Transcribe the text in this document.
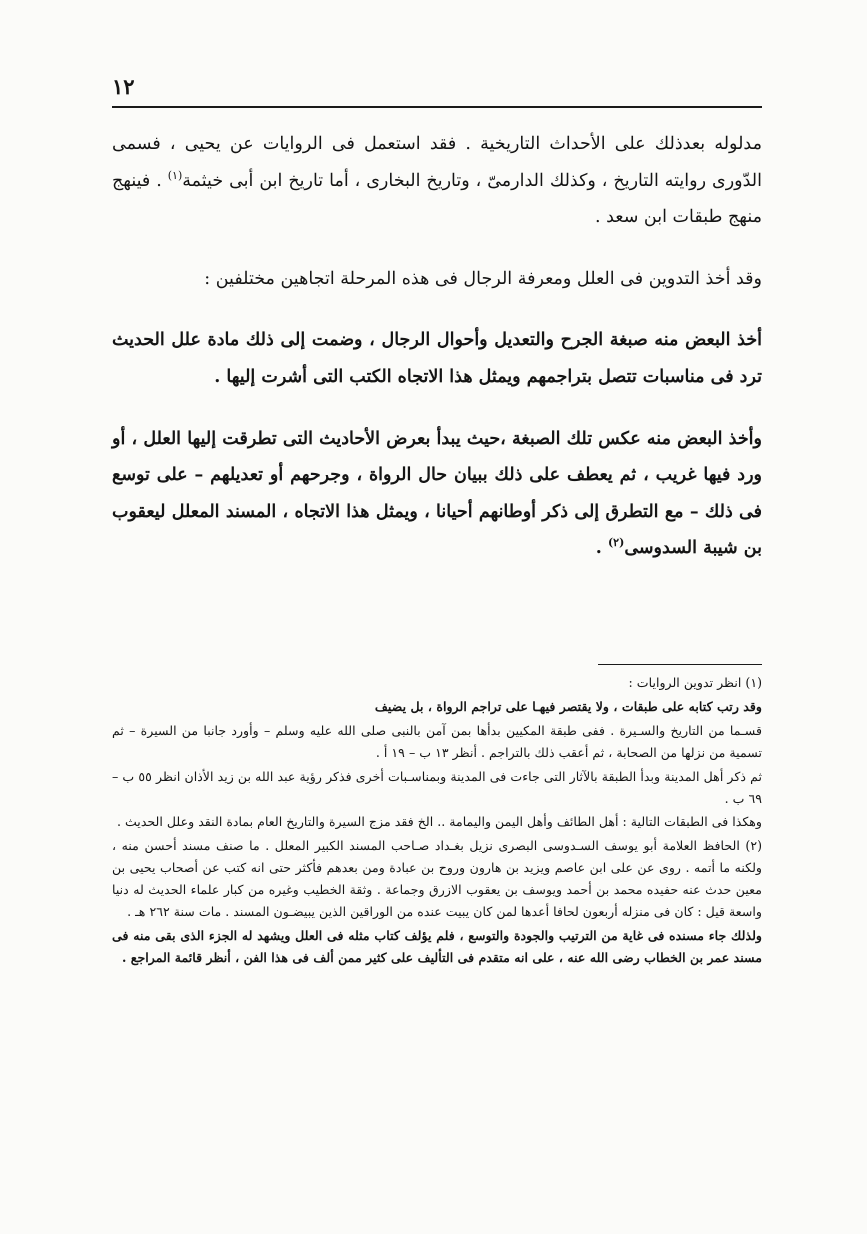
١٢

مدلوله بعدذلك على الأحداث التاريخية . فقد استعمل فى الروايات عن يحيى ، فسمى الدّورى روايته التاريخ ، وكذلك الدارمىّ ، وتاريخ البخارى ، أما تاريخ ابن أبى خيثمة$^{(١)}$ . فينهج منهج طبقات ابن سعد .

وقد أخذ التدوين فى العلل ومعرفة الرجال فى هذه المرحلة اتجاهين مختلفين :

أخذ البعض منه صبغة الجرح والتعديل وأحوال الرجال ، وضمت إلى ذلك مادة علل الحديث ترد فى مناسبات تتصل بتراجمهم ويمثل هذا الاتجاه الكتب التى أشرت إليها .

وأخذ البعض منه عكس تلك الصبغة ،حيث يبدأ بعرض الأحاديث التى تطرقت إليها العلل ، أو ورد فيها غريب ، ثم يعطف على ذلك ببيان حال الرواة ، وجرحهم أو تعديلهم – على توسع فى ذلك – مع التطرق إلى ذكر أوطانهم أحيانا ، ويمثل هذا الاتجاه ، المسند المعلل ليعقوب بن شيبة السدوسى$^{(٢)}$ .

(١) انظر تدوين الروايات :

وقد رتب كتابه على طبقات ، ولا يقتصر فيهـا على تراجم الرواة ، بل يضيف

قسـما من التاريخ والسـيرة . ففى طبقة المكيين بدأها بمن آمن بالنبى صلى الله عليه وسلم – وأورد جانبا من السيرة – ثم تسمية من نزلها من الصحابة ، ثم أعقب ذلك بالتراجم . أنظر ١٣ ب – ١٩ أ .

ثم ذكر أهل المدينة وبدأ الطبقة بالآثار التى جاءت فى المدينة وبمناسـبات أخرى فذكر رؤية عبد الله بن زيد الأذان انظر ٥٥ ب – ٦٩ ب .

وهكذا فى الطبقات التالية : أهل الطائف وأهل اليمن واليمامة .. الخ فقد مزج السيرة والتاريخ العام بمادة النقد وعلل الحديث .

(٢) الحافظ العلامة أبو يوسف السـدوسى البصرى نزيل بغـداد صـاحب المسند الكبير المعلل . ما صنف مسند أحسن منه ، ولكنه ما أتمه . روى عن على ابن عاصم ويزيد بن هارون وروح بن عبادة ومن بعدهم فأكثر حتى انه كتب عن أصحاب يحيى بن معين حدث عنه حفيده محمد بن أحمد ويوسف بن يعقوب الازرق وجماعة . وثقة الخطيب وغيره من كبار علماء الحديث له دنيا واسعة قيل : كان فى منزله أربعون لحافا أعدها لمن كان يبيت عنده من الوراقين الذين يبيضـون المسند . مات سنة ٢٦٢ هـ .

ولذلك جاء مسنده فى غاية من الترتيب والجودة والتوسع ، فلم يؤلف كتاب مثله فى العلل ويشهد له الجزء الذى بقى منه فى مسند عمر بن الخطاب رضى الله عنه ، على انه متقدم فى التأليف على كثير ممن ألف فى هذا الفن ، أنظر قائمة المراجع .
